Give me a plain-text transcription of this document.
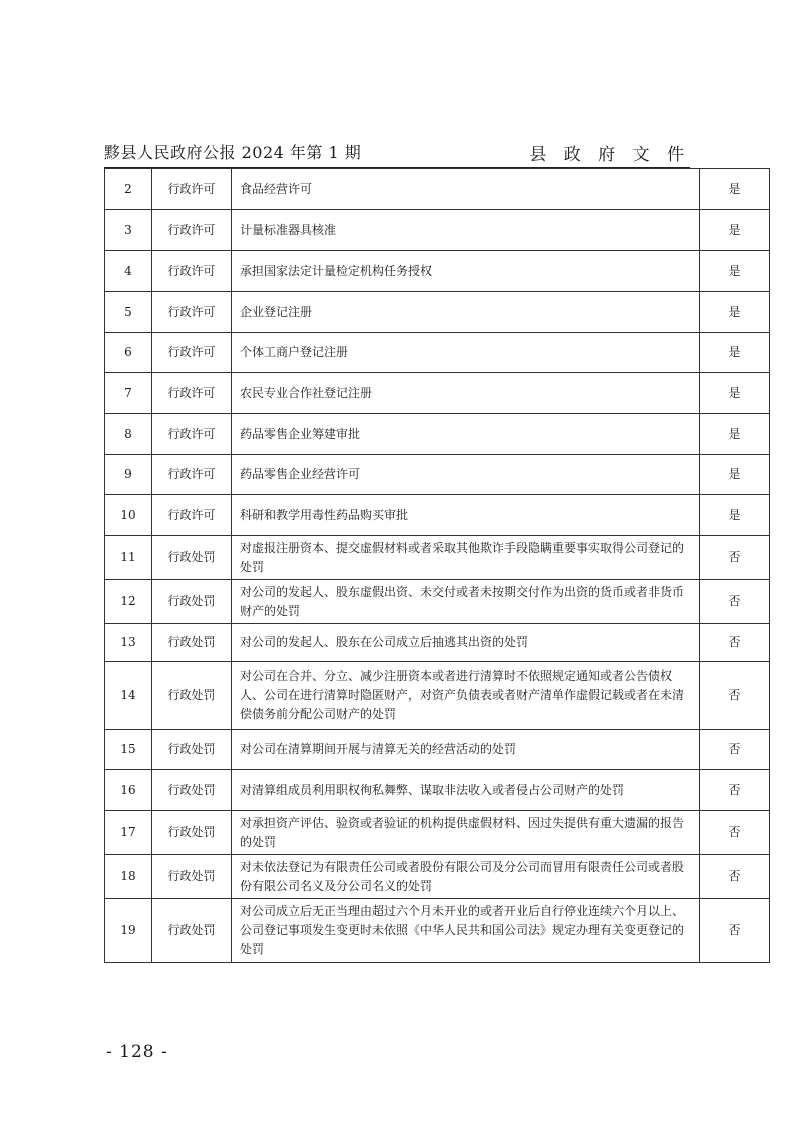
黟县人民政府公报 2024 年第 1 期	县 政 府 文 件
2	行政许可	食品经营许可	是
3	行政许可	计量标准器具核准	是
4	行政许可	承担国家法定计量检定机构任务授权	是
5	行政许可	企业登记注册	是
6	行政许可	个体工商户登记注册	是
7	行政许可	农民专业合作社登记注册	是
8	行政许可	药品零售企业筹建审批	是
9	行政许可	药品零售企业经营许可	是
10	行政许可	科研和教学用毒性药品购买审批	是
11	行政处罚	对虚报注册资本、提交虚假材料或者采取其他欺诈手段隐瞒重要事实取得公司登记的处罚	否
12	行政处罚	对公司的发起人、股东虚假出资、未交付或者未按期交付作为出资的货币或者非货币财产的处罚	否
13	行政处罚	对公司的发起人、股东在公司成立后抽逃其出资的处罚	否
14	行政处罚	对公司在合并、分立、减少注册资本或者进行清算时不依照规定通知或者公告债权人、公司在进行清算时隐匿财产，对资产负债表或者财产清单作虚假记载或者在未清偿债务前分配公司财产的处罚	否
15	行政处罚	对公司在清算期间开展与清算无关的经营活动的处罚	否
16	行政处罚	对清算组成员利用职权徇私舞弊、谋取非法收入或者侵占公司财产的处罚	否
17	行政处罚	对承担资产评估、验资或者验证的机构提供虚假材料、因过失提供有重大遗漏的报告的处罚	否
18	行政处罚	对未依法登记为有限责任公司或者股份有限公司及分公司而冒用有限责任公司或者股份有限公司名义及分公司名义的处罚	否
19	行政处罚	对公司成立后无正当理由超过六个月未开业的或者开业后自行停业连续六个月以上、公司登记事项发生变更时未依照《中华人民共和国公司法》规定办理有关变更登记的处罚	否
- 128 -
